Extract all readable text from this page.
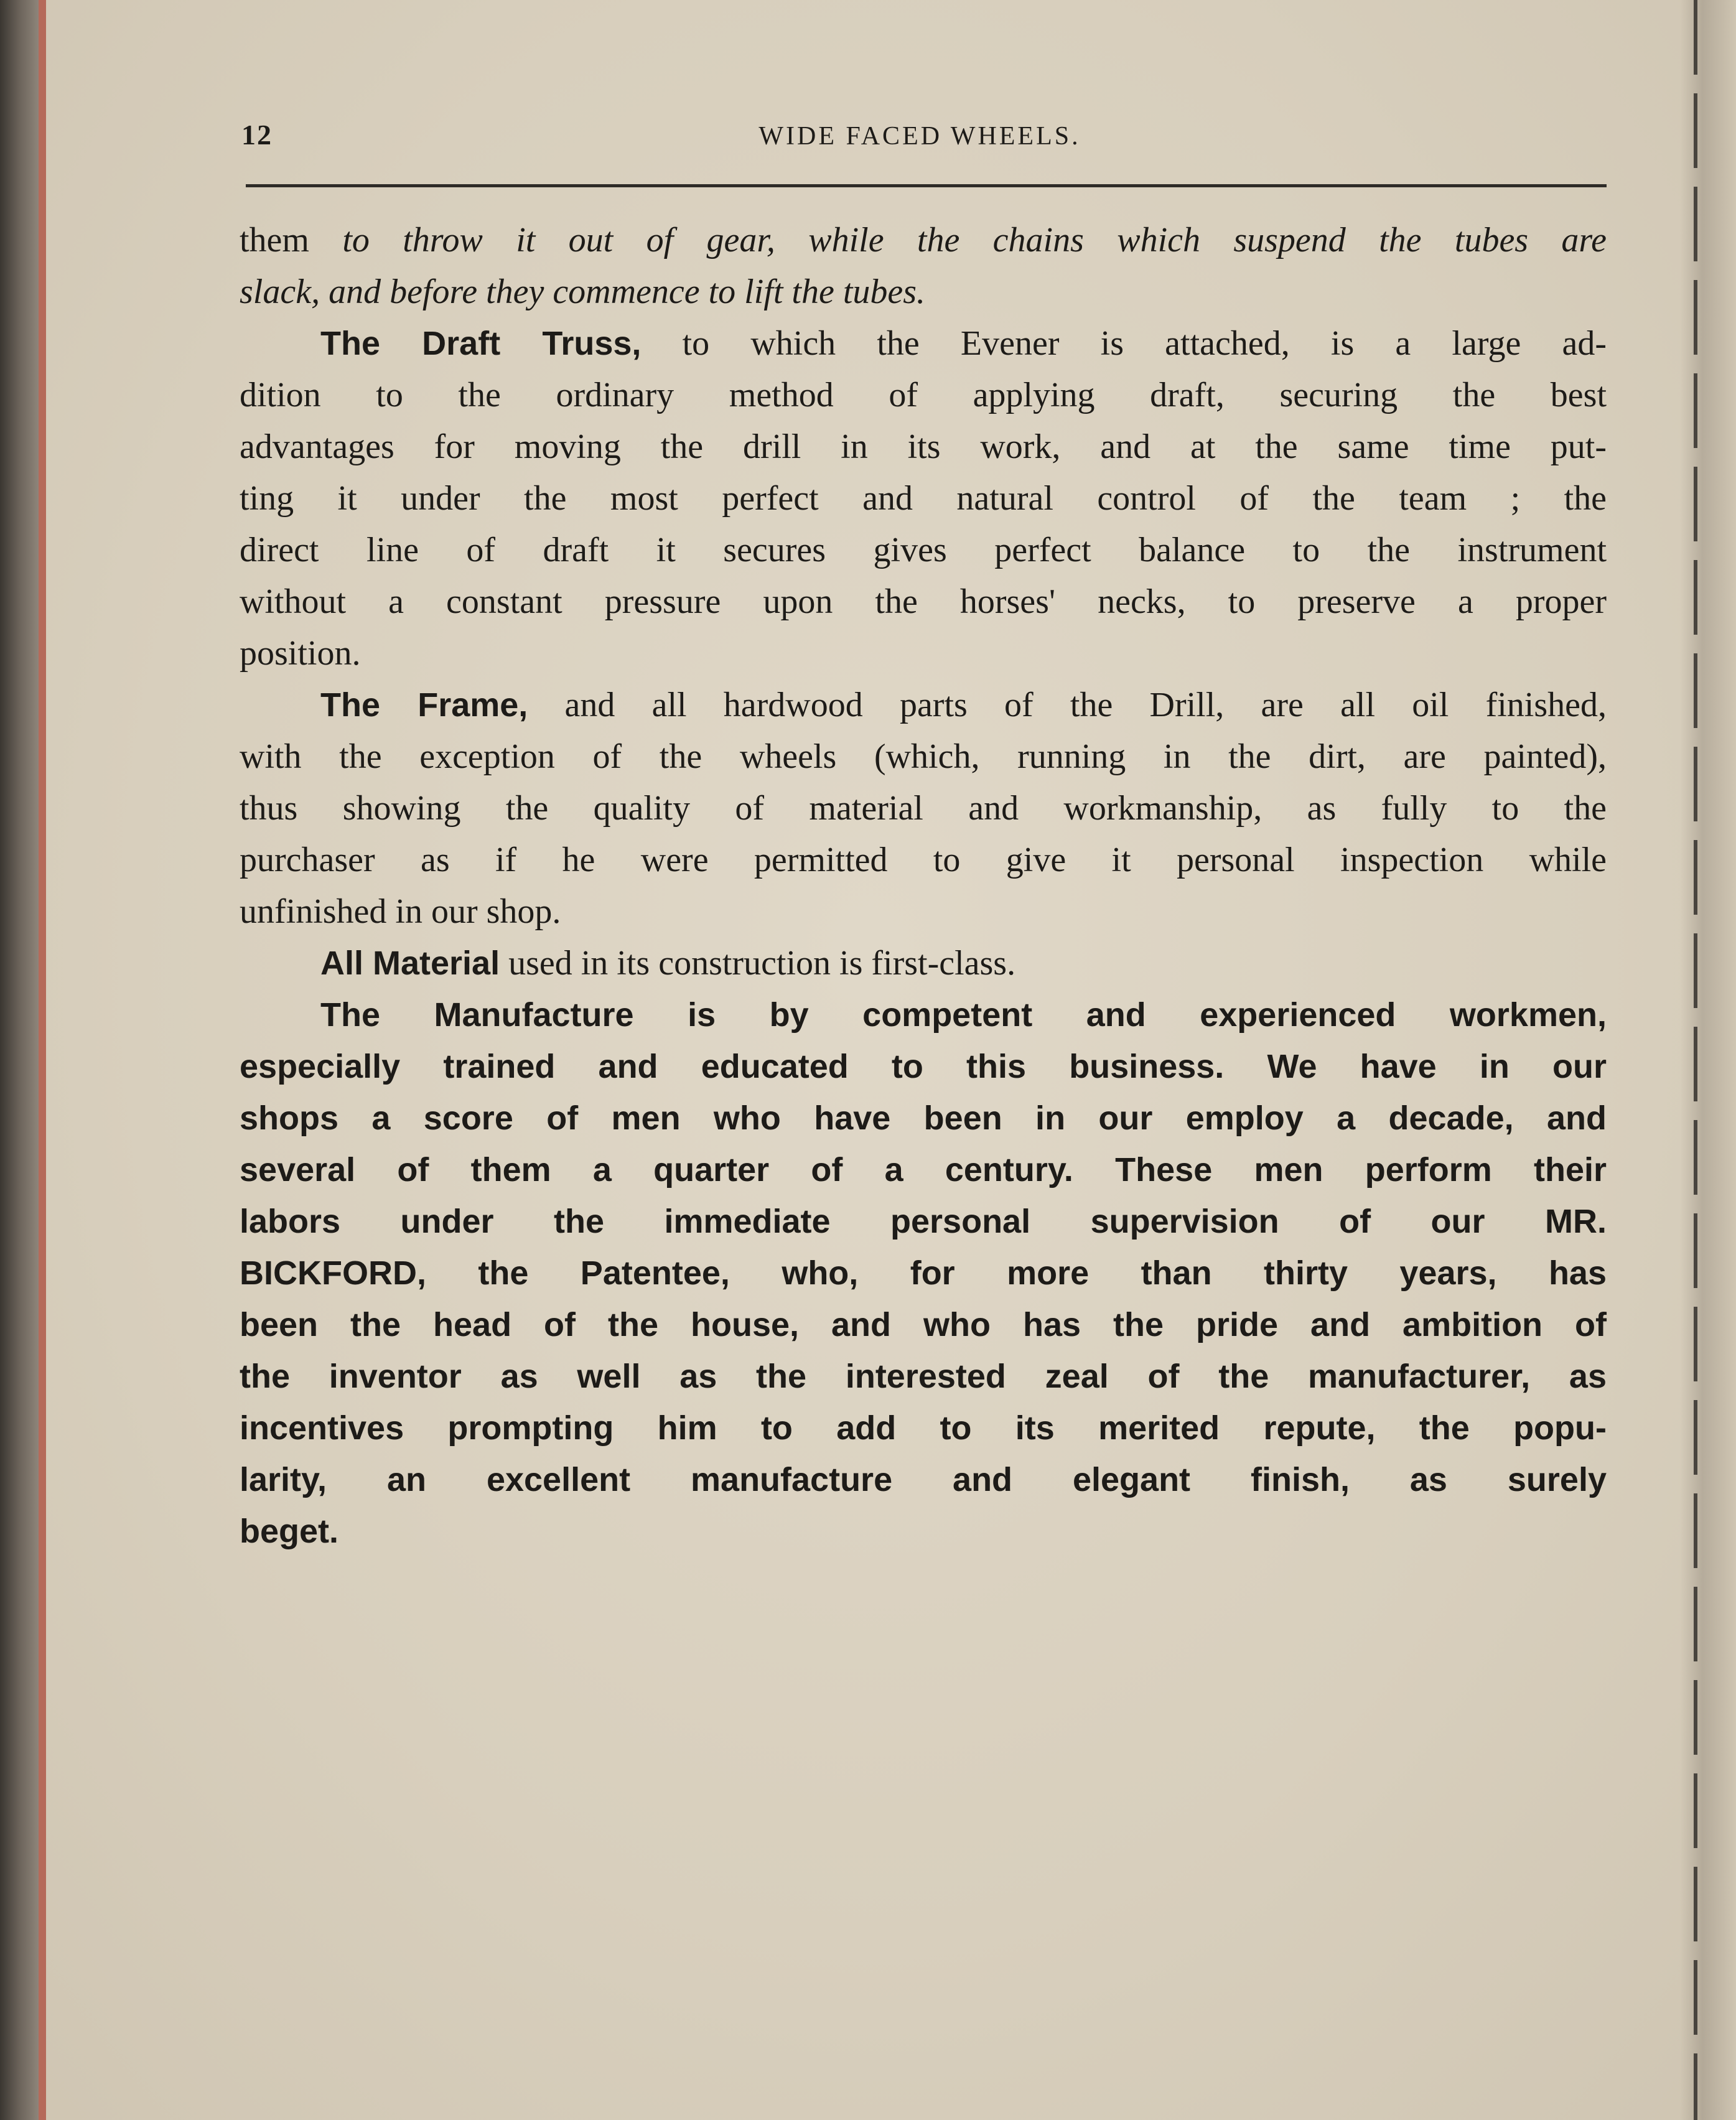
12	WIDE FACED WHEELS.
them to throw it out of gear, while the chains which suspend the tubes are
slack, and before they commence to lift the tubes.
The Draft Truss, to which the Evener is attached, is a large ad-
dition to the ordinary method of applying draft, securing the best
advantages for moving the drill in its work, and at the same time put-
ting it under the most perfect and natural control of the team ; the
direct line of draft it secures gives perfect balance to the instrument
without a constant pressure upon the horses' necks, to preserve a proper
position.
The Frame, and all hardwood parts of the Drill, are all oil finished,
with the exception of the wheels (which, running in the dirt, are painted),
thus showing the quality of material and workmanship, as fully to the
purchaser as if he were permitted to give it personal inspection while
unfinished in our shop.
All Material used in its construction is first-class.
The Manufacture is by competent and experienced workmen,
especially trained and educated to this business. We have in our
shops a score of men who have been in our employ a decade, and
several of them a quarter of a century. These men perform their
labors under the immediate personal supervision of our MR.
BICKFORD, the Patentee, who, for more than thirty years, has
been the head of the house, and who has the pride and ambition of
the inventor as well as the interested zeal of the manufacturer, as
incentives prompting him to add to its merited repute, the popu-
larity, an excellent manufacture and elegant finish, as surely
beget.
